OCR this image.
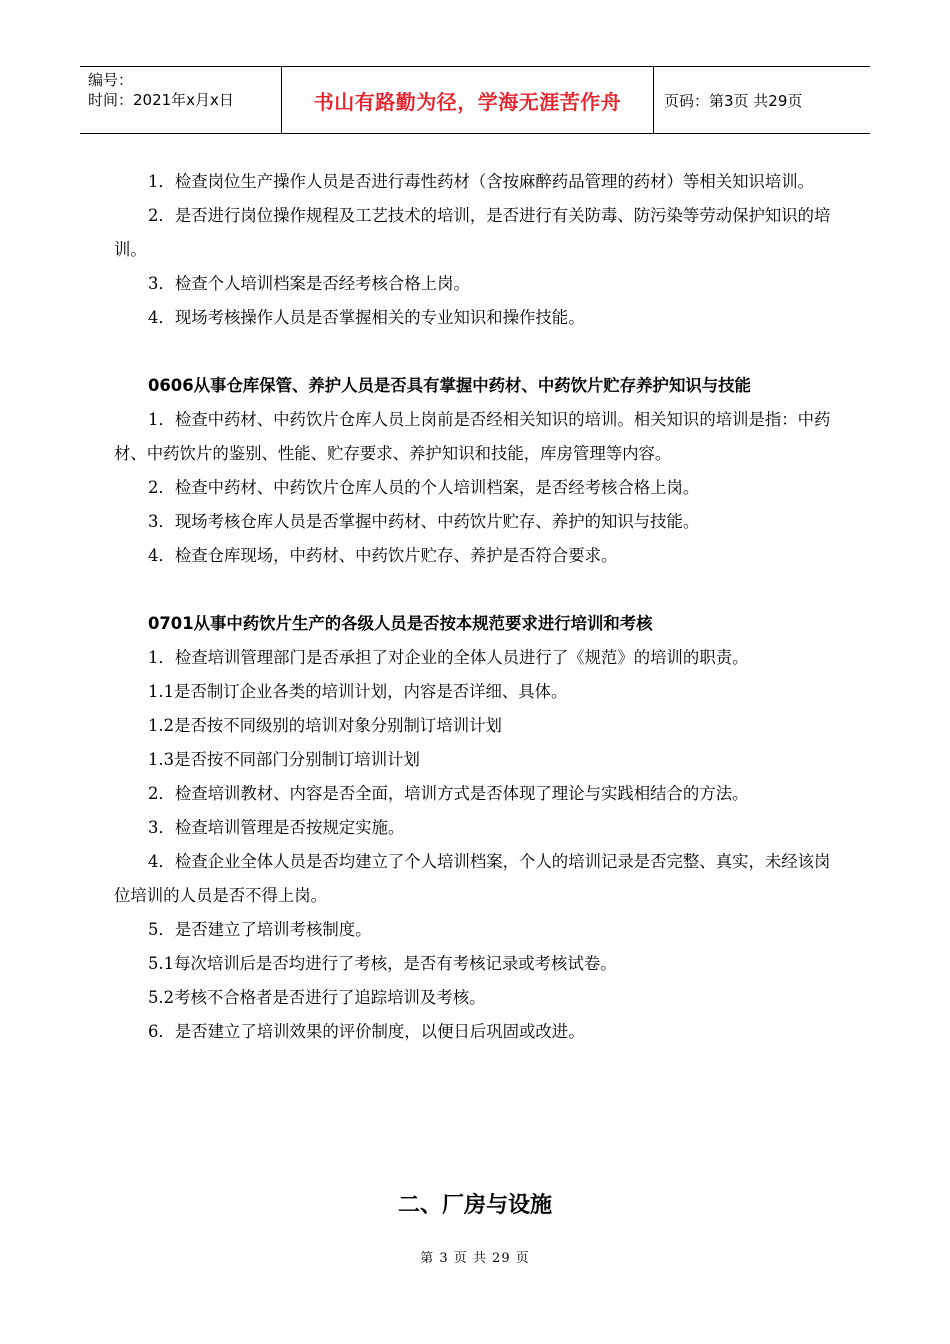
编号：
时间：2021年x月x日	书山有路勤为径，学海无涯苦作舟	页码：第3页 共29页

1．检查岗位生产操作人员是否进行毒性药材（含按麻醉药品管理的药材）等相关知识培训。

2．是否进行岗位操作规程及工艺技术的培训，是否进行有关防毒、防污染等劳动保护知识的培训。

3．检查个人培训档案是否经考核合格上岗。

4．现场考核操作人员是否掌握相关的专业知识和操作技能。

0606从事仓库保管、养护人员是否具有掌握中药材、中药饮片贮存养护知识与技能

1．检查中药材、中药饮片仓库人员上岗前是否经相关知识的培训。相关知识的培训是指：中药材、中药饮片的鉴别、性能、贮存要求、养护知识和技能，库房管理等内容。

2．检查中药材、中药饮片仓库人员的个人培训档案，是否经考核合格上岗。

3．现场考核仓库人员是否掌握中药材、中药饮片贮存、养护的知识与技能。

4．检查仓库现场，中药材、中药饮片贮存、养护是否符合要求。

0701从事中药饮片生产的各级人员是否按本规范要求进行培训和考核

1．检查培训管理部门是否承担了对企业的全体人员进行了《规范》的培训的职责。

1.1是否制订企业各类的培训计划，内容是否详细、具体。

1.2是否按不同级别的培训对象分别制订培训计划

1.3是否按不同部门分别制订培训计划

2．检查培训教材、内容是否全面，培训方式是否体现了理论与实践相结合的方法。

3．检查培训管理是否按规定实施。

4．检查企业全体人员是否均建立了个人培训档案，个人的培训记录是否完整、真实，未经该岗位培训的人员是否不得上岗。

5．是否建立了培训考核制度。

5.1每次培训后是否均进行了考核，是否有考核记录或考核试卷。

5.2考核不合格者是否进行了追踪培训及考核。

6．是否建立了培训效果的评价制度，以便日后巩固或改进。

二、厂房与设施
第 3 页 共 29 页
